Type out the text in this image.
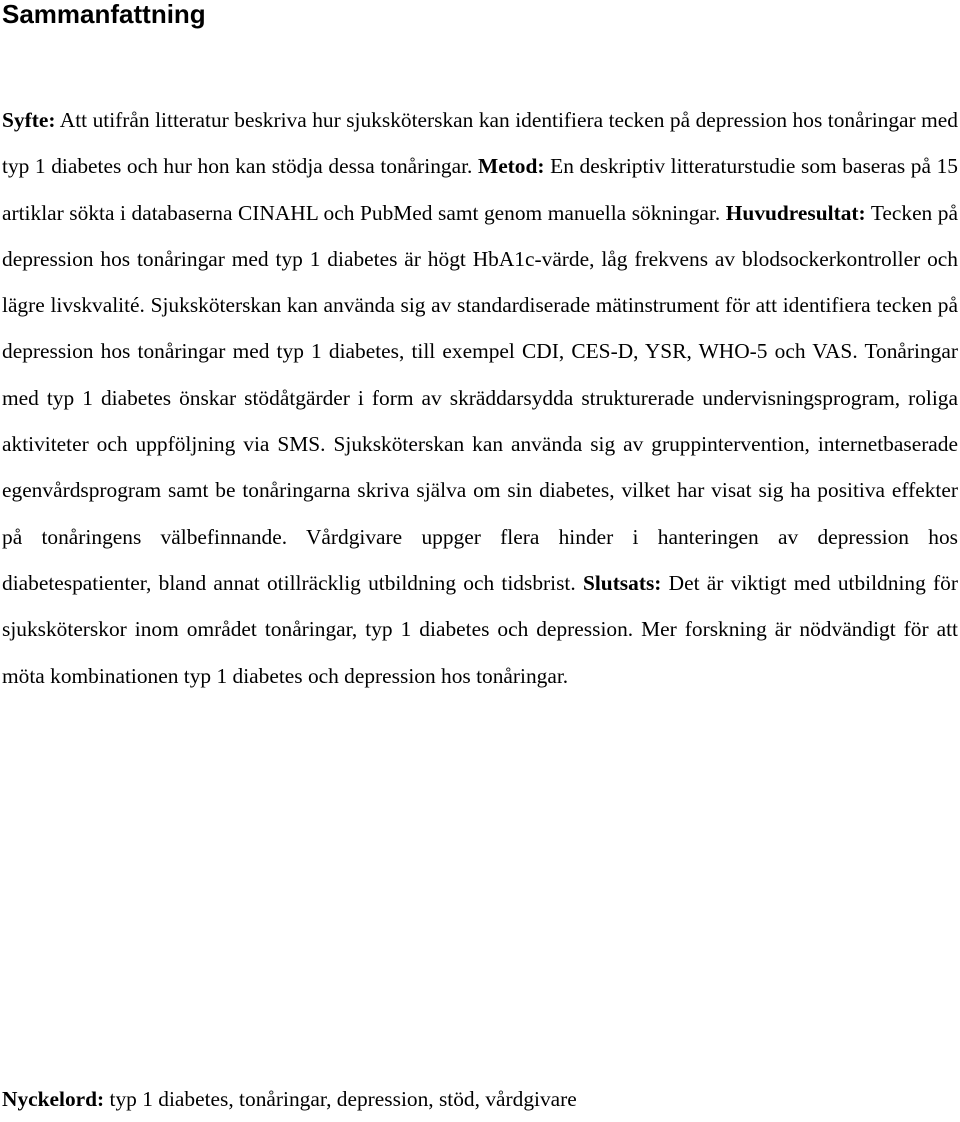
Sammanfattning

Syfte: Att utifrån litteratur beskriva hur sjuksköterskan kan identifiera tecken på depression hos tonåringar med typ 1 diabetes och hur hon kan stödja dessa tonåringar. Metod: En deskriptiv litteraturstudie som baseras på 15 artiklar sökta i databaserna CINAHL och PubMed samt genom manuella sökningar. Huvudresultat: Tecken på depression hos tonåringar med typ 1 diabetes är högt HbA1c-värde, låg frekvens av blodsockerkontroller och lägre livskvalité. Sjuksköterskan kan använda sig av standardiserade mätinstrument för att identifiera tecken på depression hos tonåringar med typ 1 diabetes, till exempel CDI, CES-D, YSR, WHO-5 och VAS. Tonåringar med typ 1 diabetes önskar stödåtgärder i form av skräddarsydda strukturerade undervisningsprogram, roliga aktiviteter och uppföljning via SMS. Sjuksköterskan kan använda sig av gruppintervention, internetbaserade egenvårdsprogram samt be tonåringarna skriva själva om sin diabetes, vilket har visat sig ha positiva effekter på tonåringens välbefinnande. Vårdgivare uppger flera hinder i hanteringen av depression hos diabetespatienter, bland annat otillräcklig utbildning och tidsbrist. Slutsats: Det är viktigt med utbildning för sjuksköterskor inom området tonåringar, typ 1 diabetes och depression. Mer forskning är nödvändigt för att möta kombinationen typ 1 diabetes och depression hos tonåringar.

Nyckelord: typ 1 diabetes, tonåringar, depression, stöd, vårdgivare
